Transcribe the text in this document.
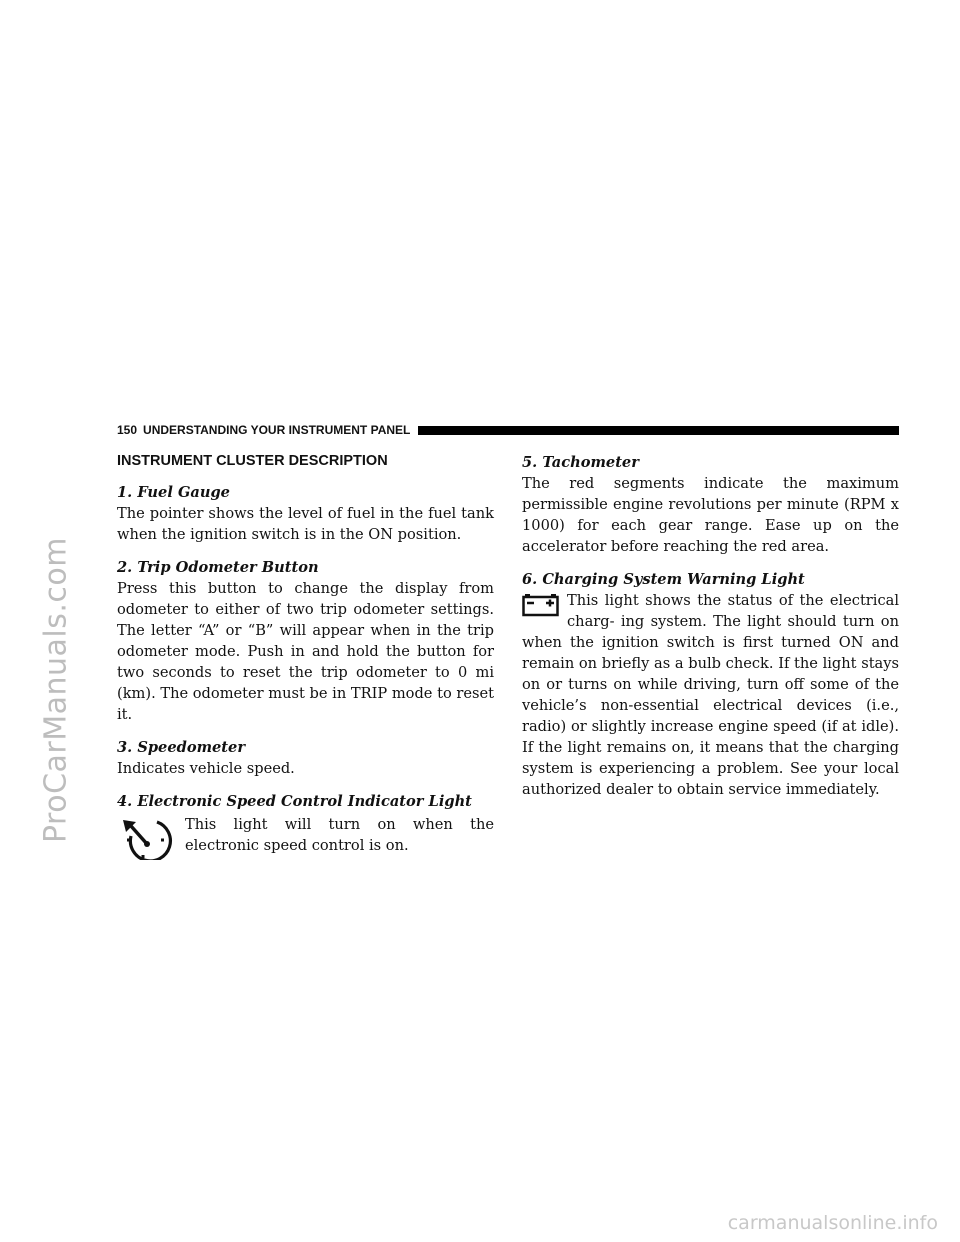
ProCarManuals.com
carmanualsonline.info
150 UNDERSTANDING YOUR INSTRUMENT PANEL
INSTRUMENT CLUSTER DESCRIPTION

1. Fuel Gauge

The pointer shows the level of fuel in the fuel tank when the ignition switch is in the ON position.

2. Trip Odometer Button

Press this button to change the display from odometer to either of two trip odometer settings. The letter “A” or “B” will appear when in the trip odometer mode. Push in and hold the button for two seconds to reset the trip odometer to 0 mi (km). The odometer must be in TRIP mode to reset it.

3. Speedometer

Indicates vehicle speed.

4. Electronic Speed Control Indicator Light

This light will turn on when the electronic speed control is on.

5. Tachometer

The red segments indicate the maximum permissible engine revolutions per minute (RPM x 1000) for each gear range. Ease up on the accelerator before reaching the red area.

6. Charging System Warning Light

This light shows the status of the electrical charg- ing system. The light should turn on when the ignition switch is first turned ON and remain on briefly as a bulb check. If the light stays on or turns on while driving, turn off some of the vehicle’s non-essential electrical devices (i.e., radio) or slightly increase engine speed (if at idle). If the light remains on, it means that the charging system is experiencing a problem. See your local authorized dealer to obtain service immediately.
